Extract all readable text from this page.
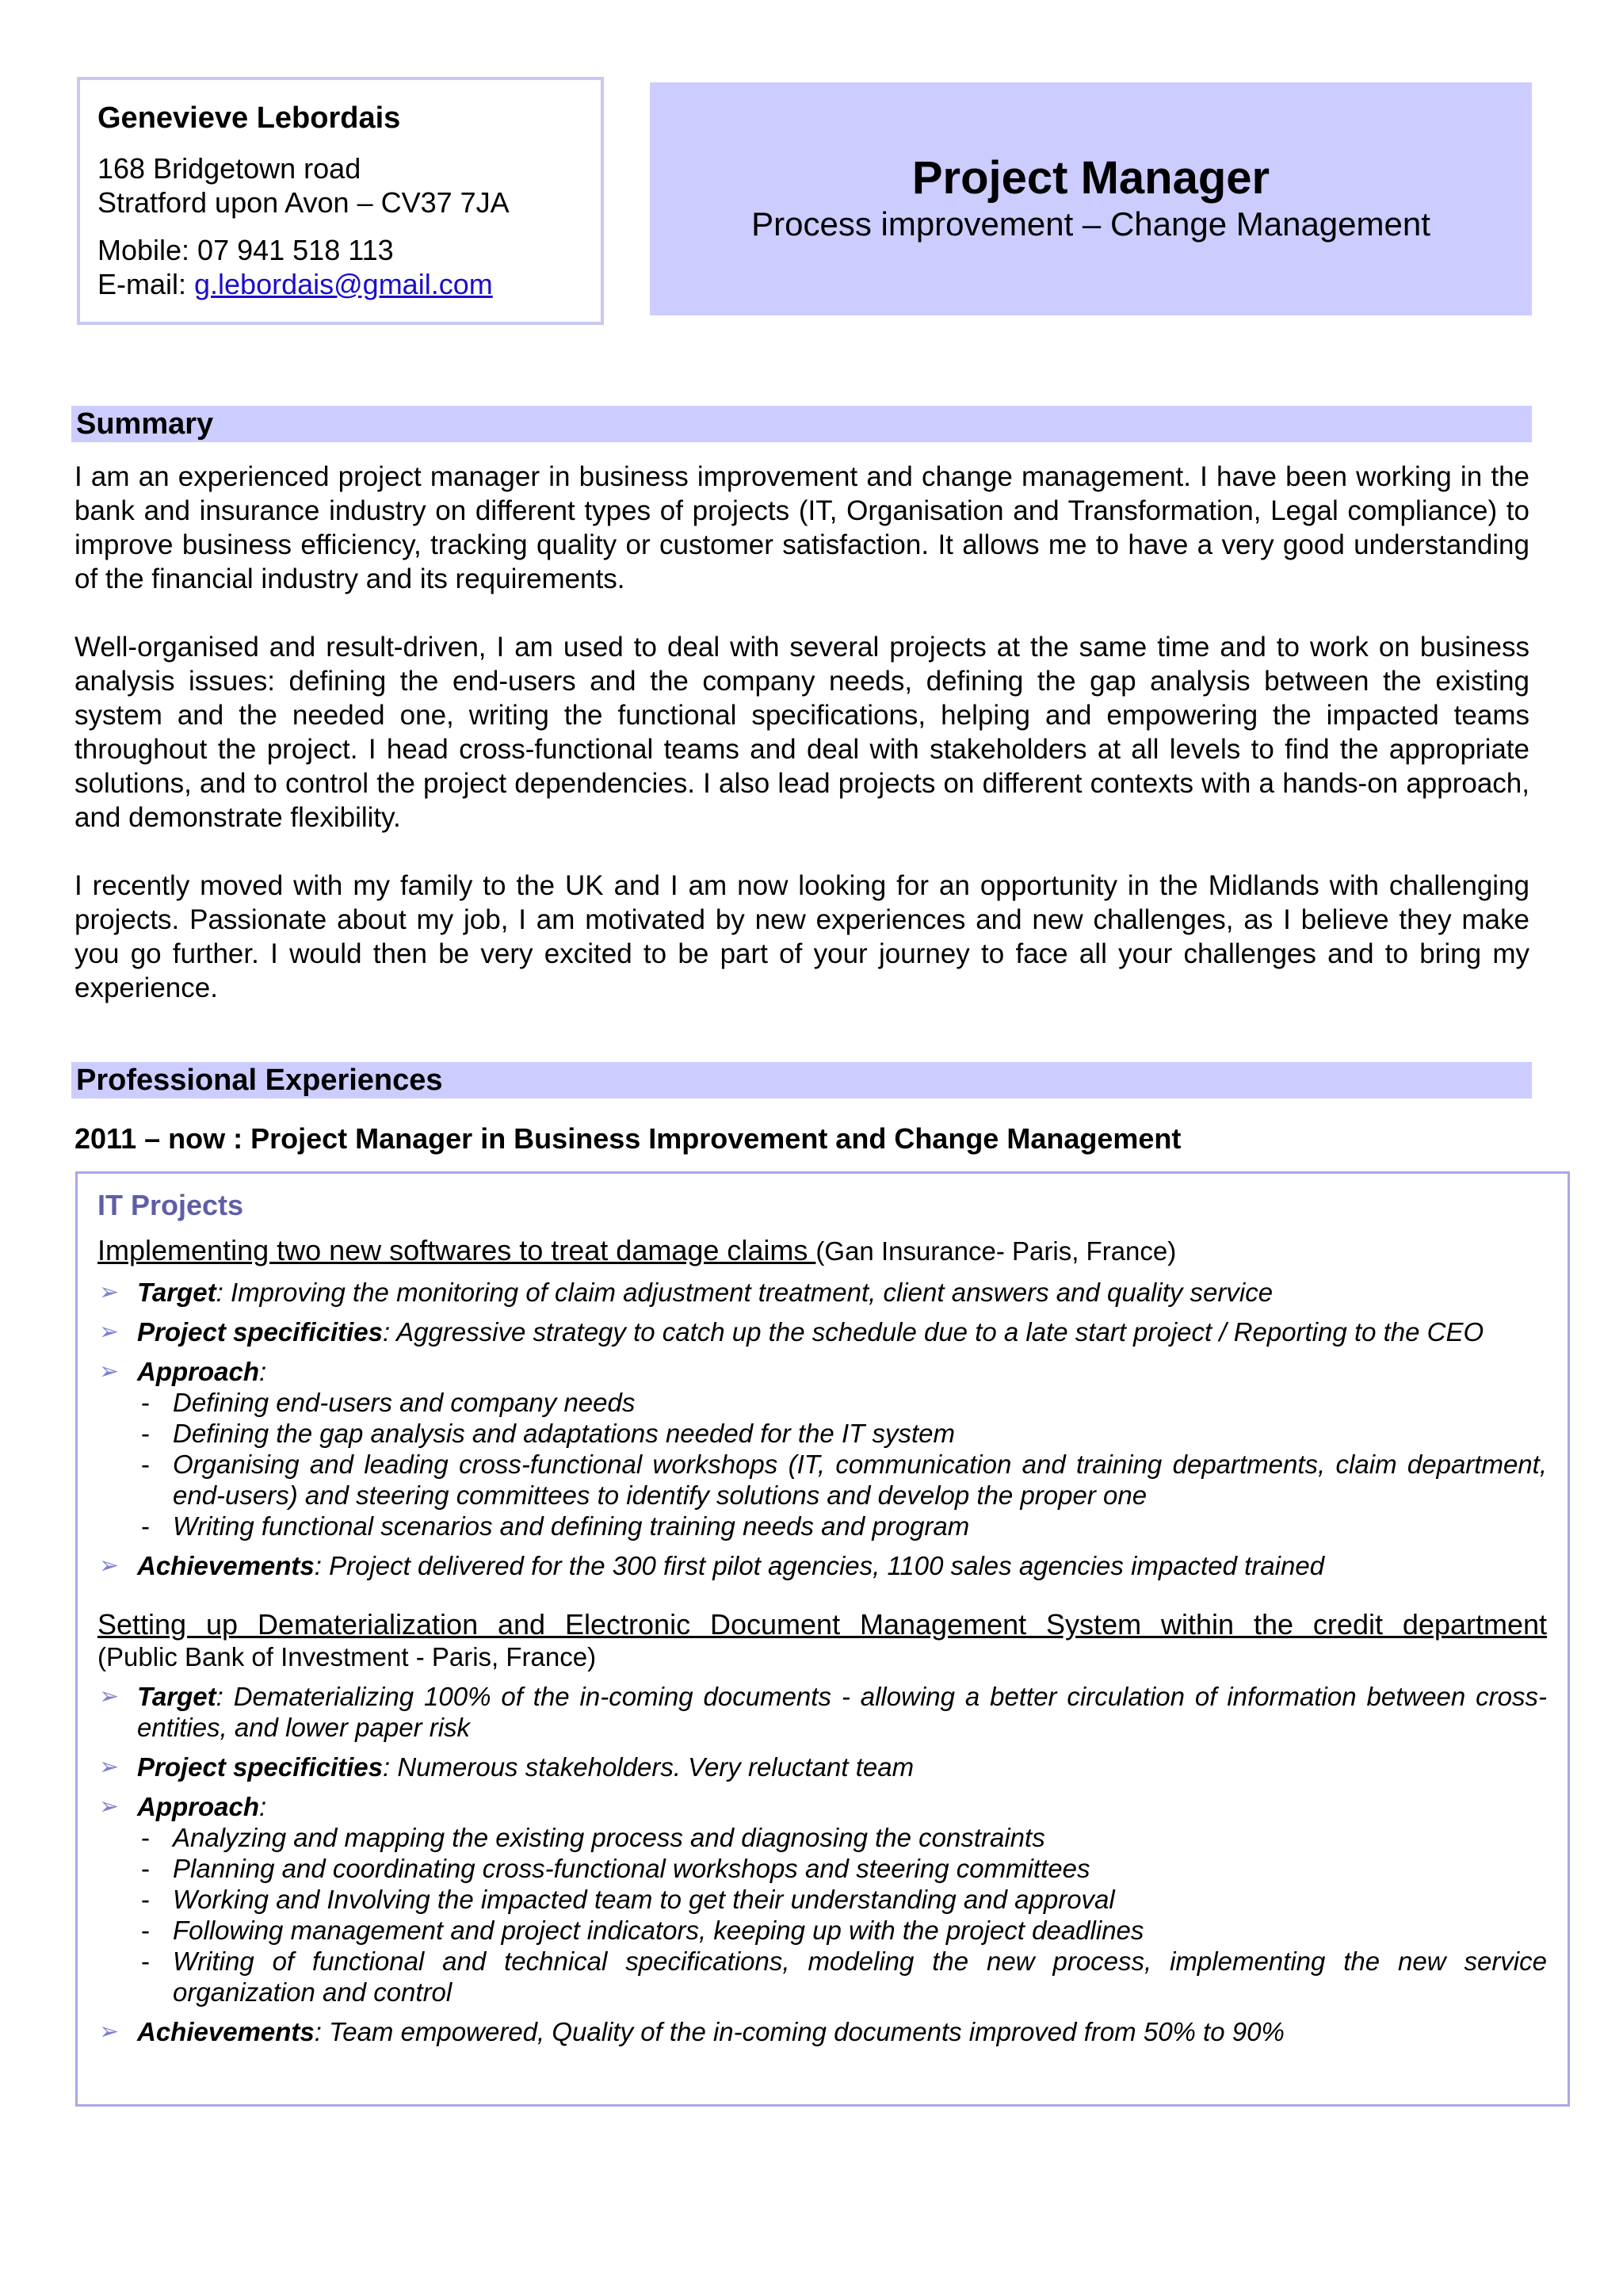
Genevieve Lebordais
168 Bridgetown road
Stratford upon Avon – CV37 7JA
Mobile: 07 941 518 113
E-mail: g.lebordais@gmail.com
Project Manager
Process improvement – Change Management
Summary

I am an experienced project manager in business improvement and change management. I have been working in the bank and insurance industry on different types of projects (IT, Organisation and Transformation, Legal compliance) to improve business efficiency, tracking quality or customer satisfaction. It allows me to have a very good understanding of the financial industry and its requirements.

Well-organised and result-driven, I am used to deal with several projects at the same time and to work on business analysis issues: defining the end-users and the company needs, defining the gap analysis between the existing system and the needed one, writing the functional specifications, helping and empowering the impacted teams throughout the project. I head cross-functional teams and deal with stakeholders at all levels to find the appropriate solutions, and to control the project dependencies. I also lead projects on different contexts with a hands-on approach, and demonstrate flexibility.

I recently moved with my family to the UK and I am now looking for an opportunity in the Midlands with challenging projects. Passionate about my job, I am motivated by new experiences and new challenges, as I believe they make you go further. I would then be very excited to be part of your journey to face all your challenges and to bring my experience.

Professional Experiences
2011 – now : Project Manager in Business Improvement and Change Management
IT Projects
Implementing two new softwares to treat damage claims (Gan Insurance- Paris, France)
➢ Target: Improving the monitoring of claim adjustment treatment, client answers and quality service
➢ Project specificities: Aggressive strategy to catch up the schedule due to a late start project / Reporting to the CEO
➢ Approach:
- Defining end-users and company needs
- Defining the gap analysis and adaptations needed for the IT system
- Organising and leading cross-functional workshops (IT, communication and training departments, claim department, end-users) and steering committees to identify solutions and develop the proper one
- Writing functional scenarios and defining training needs and program
➢ Achievements: Project delivered for the 300 first pilot agencies, 1100 sales agencies impacted trained
Setting up Dematerialization and Electronic Document Management System within the credit department
(Public Bank of Investment - Paris, France)
➢ Target: Dematerializing 100% of the in-coming documents - allowing a better circulation of information between cross-entities, and lower paper risk
➢ Project specificities: Numerous stakeholders. Very reluctant team
➢ Approach:
- Analyzing and mapping the existing process and diagnosing the constraints
- Planning and coordinating cross-functional workshops and steering committees
- Working and Involving the impacted team to get their understanding and approval
- Following management and project indicators, keeping up with the project deadlines
- Writing of functional and technical specifications, modeling the new process, implementing the new service organization and control
➢ Achievements: Team empowered, Quality of the in-coming documents improved from 50% to 90%
